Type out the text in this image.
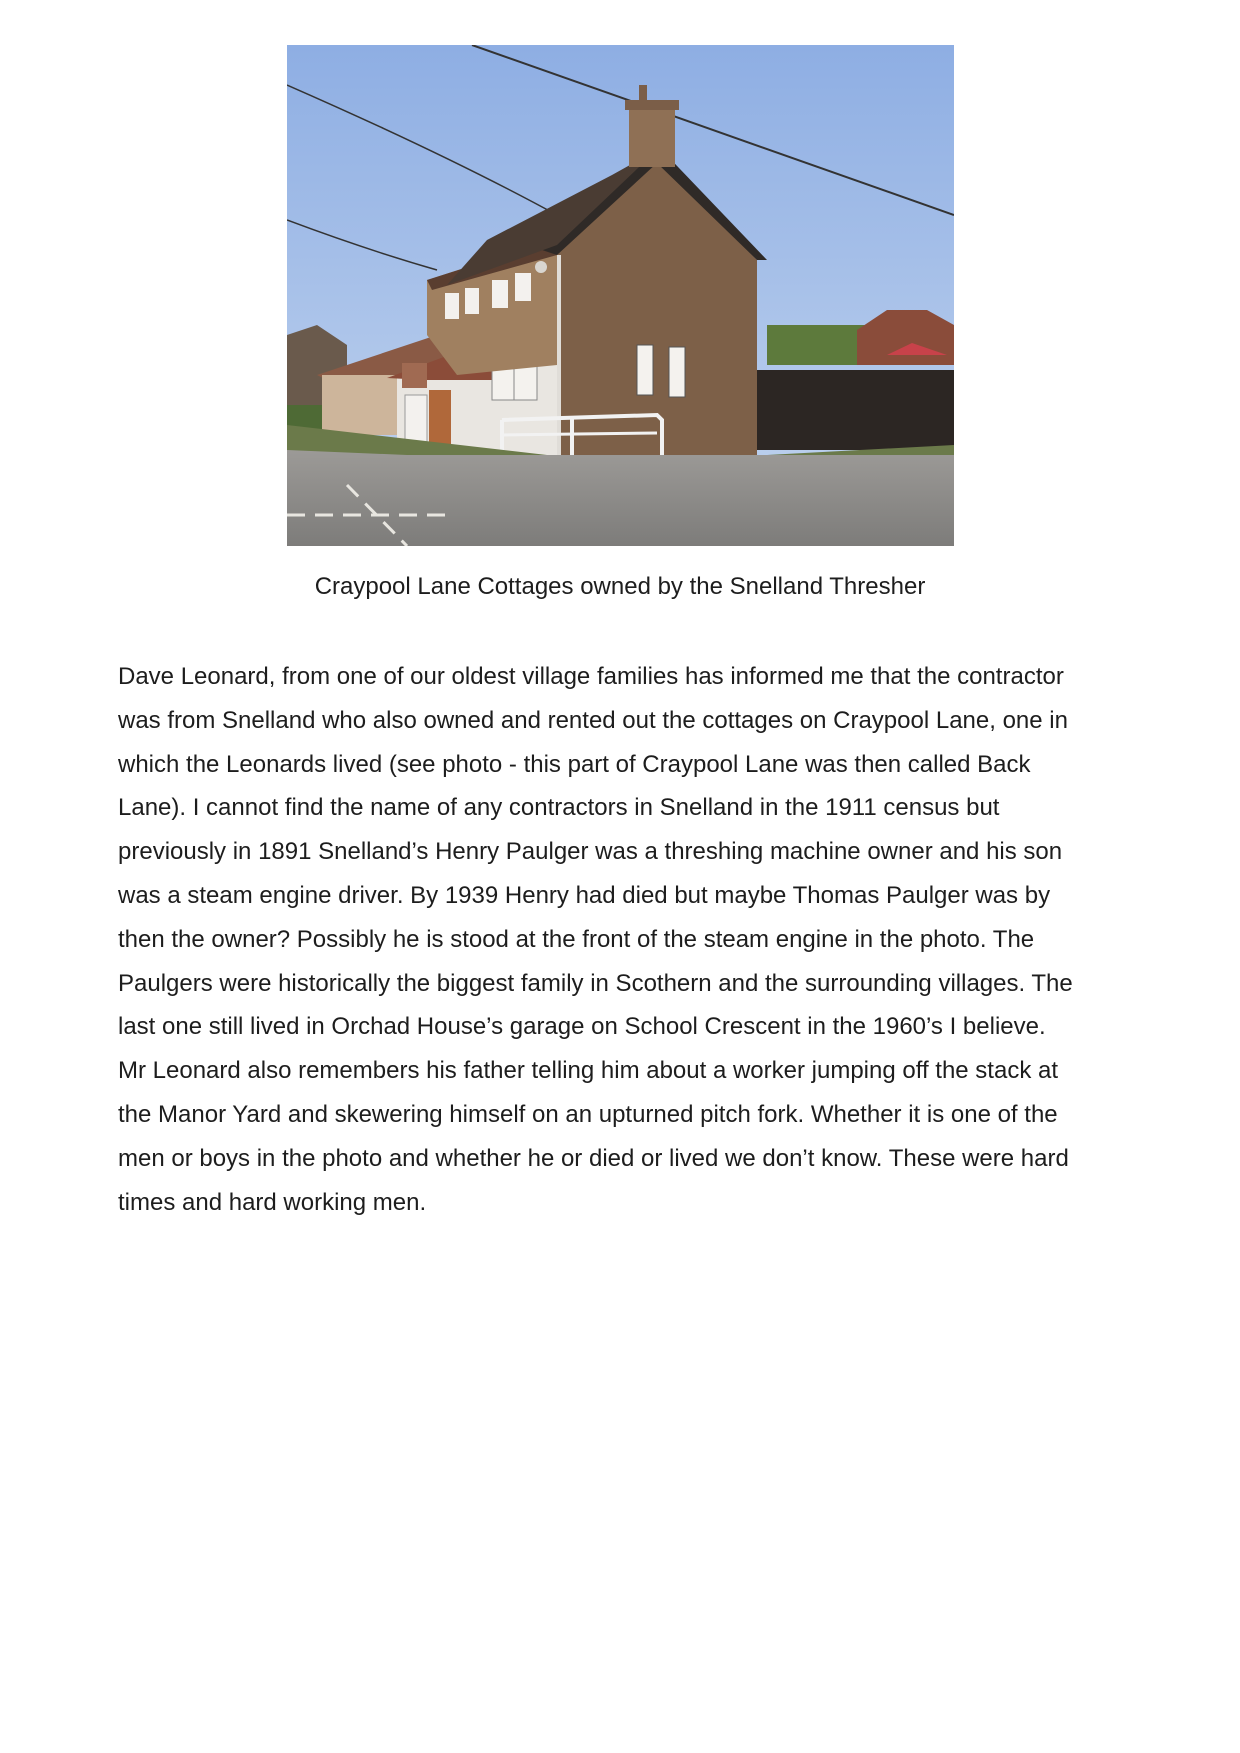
Craypool Lane Cottages owned by the Snelland Thresher

Dave Leonard, from one of our oldest village families has informed me that the contractor
was from Snelland who also owned and rented out the cottages on Craypool Lane, one in
which the Leonards lived (see photo - this part of Craypool Lane was then called Back
Lane). I cannot find the name of any contractors in Snelland in the 1911 census but
previously in 1891 Snelland’s Henry Paulger was a threshing machine owner and his son
was a steam engine driver. By 1939 Henry had died but maybe Thomas Paulger was by
then the owner? Possibly he is stood at the front of the steam engine in the photo. The
Paulgers were historically the biggest family in Scothern and the surrounding villages. The
last one still lived in Orchad House’s garage on School Crescent in the 1960’s I believe.
Mr Leonard also remembers his father telling him about a worker jumping off the stack at
the Manor Yard and skewering himself on an upturned pitch fork. Whether it is one of the
men or boys in the photo and whether he or died or lived we don’t know. These were hard
times and hard working men.
